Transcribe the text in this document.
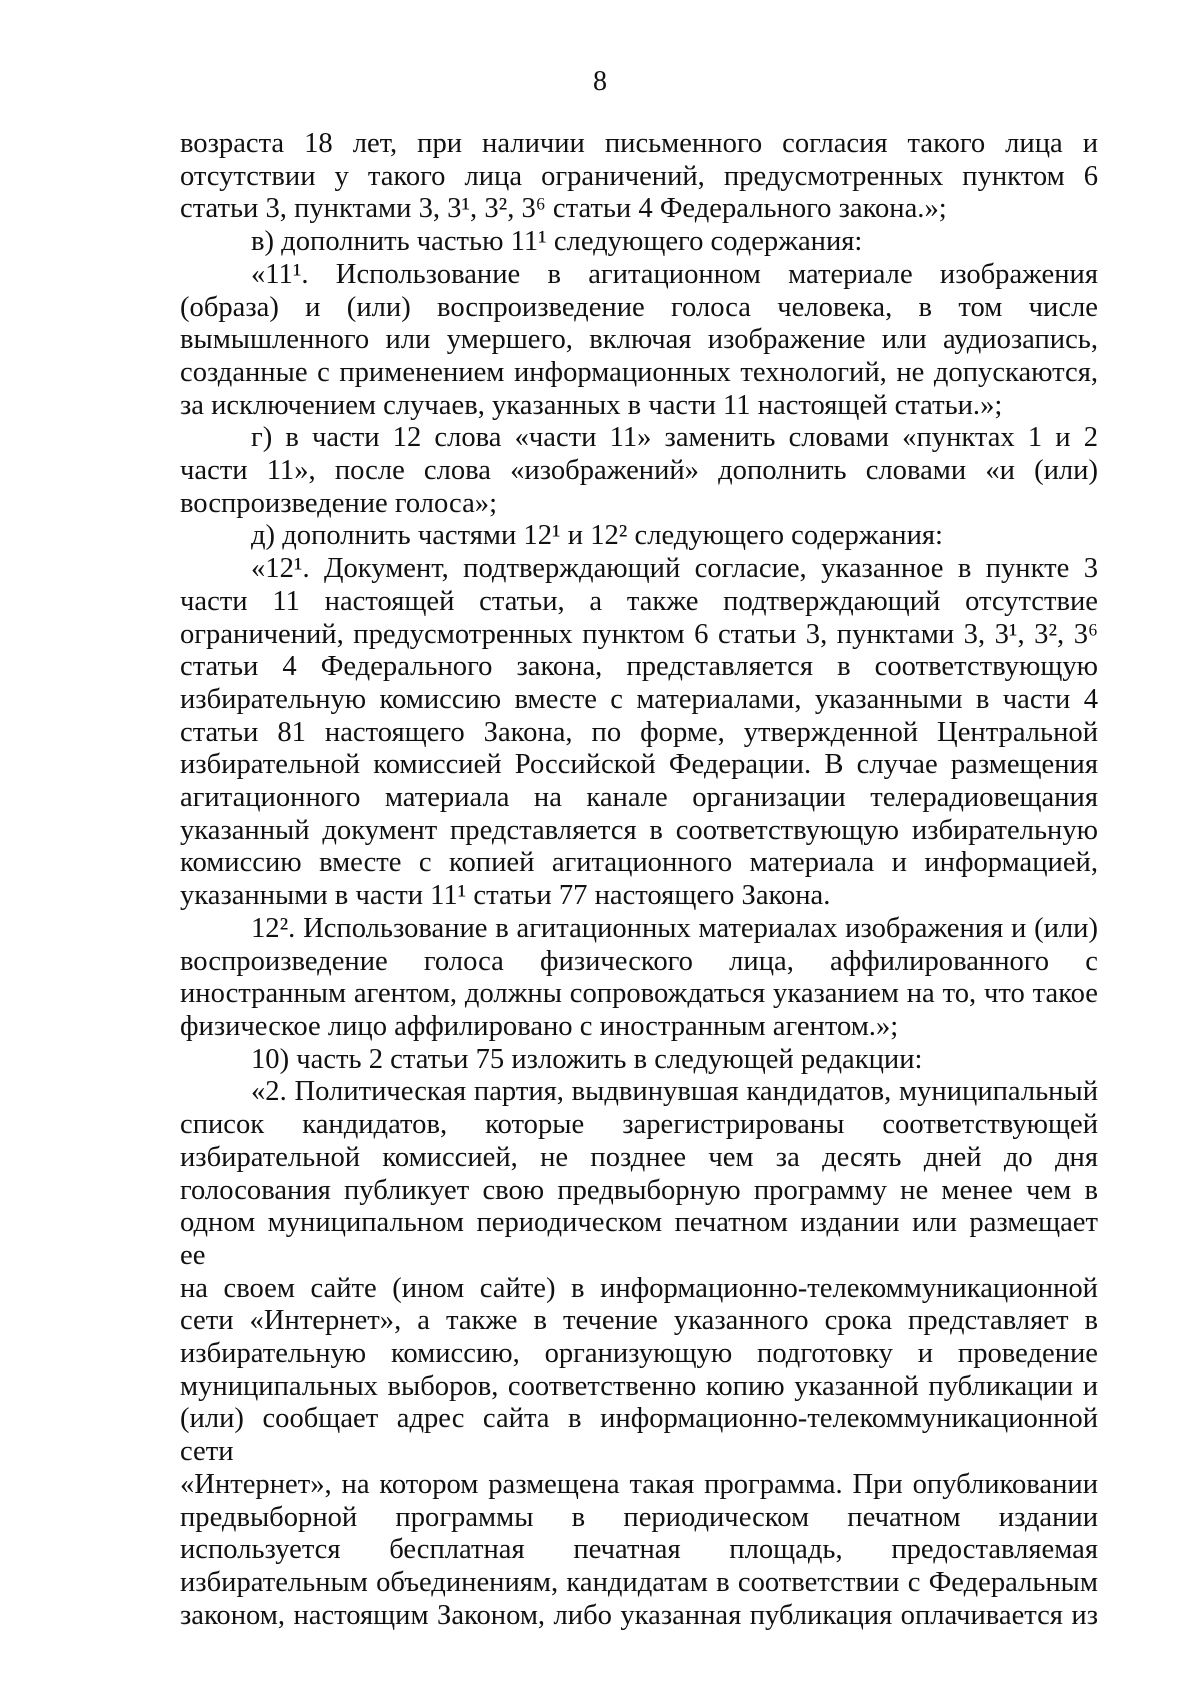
8
возраста 18 лет, при наличии письменного согласия такого лица и
отсутствии у такого лица ограничений, предусмотренных пунктом 6
статьи 3, пунктами 3, 3¹, 3², 3⁶ статьи 4 Федерального закона.»;
в) дополнить частью 11¹ следующего содержания:
«11¹. Использование в агитационном материале изображения
(образа) и (или) воспроизведение голоса человека, в том числе
вымышленного или умершего, включая изображение или аудиозапись,
созданные с применением информационных технологий, не допускаются,
за исключением случаев, указанных в части 11 настоящей статьи.»;
г) в части 12 слова «части 11» заменить словами «пунктах 1 и 2
части 11», после слова «изображений» дополнить словами «и (или)
воспроизведение голоса»;
д) дополнить частями 12¹ и 12² следующего содержания:
«12¹. Документ, подтверждающий согласие, указанное в пункте 3
части 11 настоящей статьи, а также подтверждающий отсутствие
ограничений, предусмотренных пунктом 6 статьи 3, пунктами 3, 3¹, 3², 3⁶
статьи 4 Федерального закона, представляется в соответствующую
избирательную комиссию вместе с материалами, указанными в части 4
статьи 81 настоящего Закона, по форме, утвержденной Центральной
избирательной комиссией Российской Федерации. В случае размещения
агитационного материала на канале организации телерадиовещания
указанный документ представляется в соответствующую избирательную
комиссию вместе с копией агитационного материала и информацией,
указанными в части 11¹ статьи 77 настоящего Закона.
12². Использование в агитационных материалах изображения и (или)
воспроизведение голоса физического лица, аффилированного с
иностранным агентом, должны сопровождаться указанием на то, что такое
физическое лицо аффилировано с иностранным агентом.»;
10) часть 2 статьи 75 изложить в следующей редакции:
«2. Политическая партия, выдвинувшая кандидатов, муниципальный
список кандидатов, которые зарегистрированы соответствующей
избирательной комиссией, не позднее чем за десять дней до дня
голосования публикует свою предвыборную программу не менее чем в
одном муниципальном периодическом печатном издании или размещает ее
на своем сайте (ином сайте) в информационно-телекоммуникационной
сети «Интернет», а также в течение указанного срока представляет в
избирательную комиссию, организующую подготовку и проведение
муниципальных выборов, соответственно копию указанной публикации и
(или) сообщает адрес сайта в информационно-телекоммуникационной сети
«Интернет», на котором размещена такая программа. При опубликовании
предвыборной программы в периодическом печатном издании
используется бесплатная печатная площадь, предоставляемая
избирательным объединениям, кандидатам в соответствии с Федеральным
законом, настоящим Законом, либо указанная публикация оплачивается из
